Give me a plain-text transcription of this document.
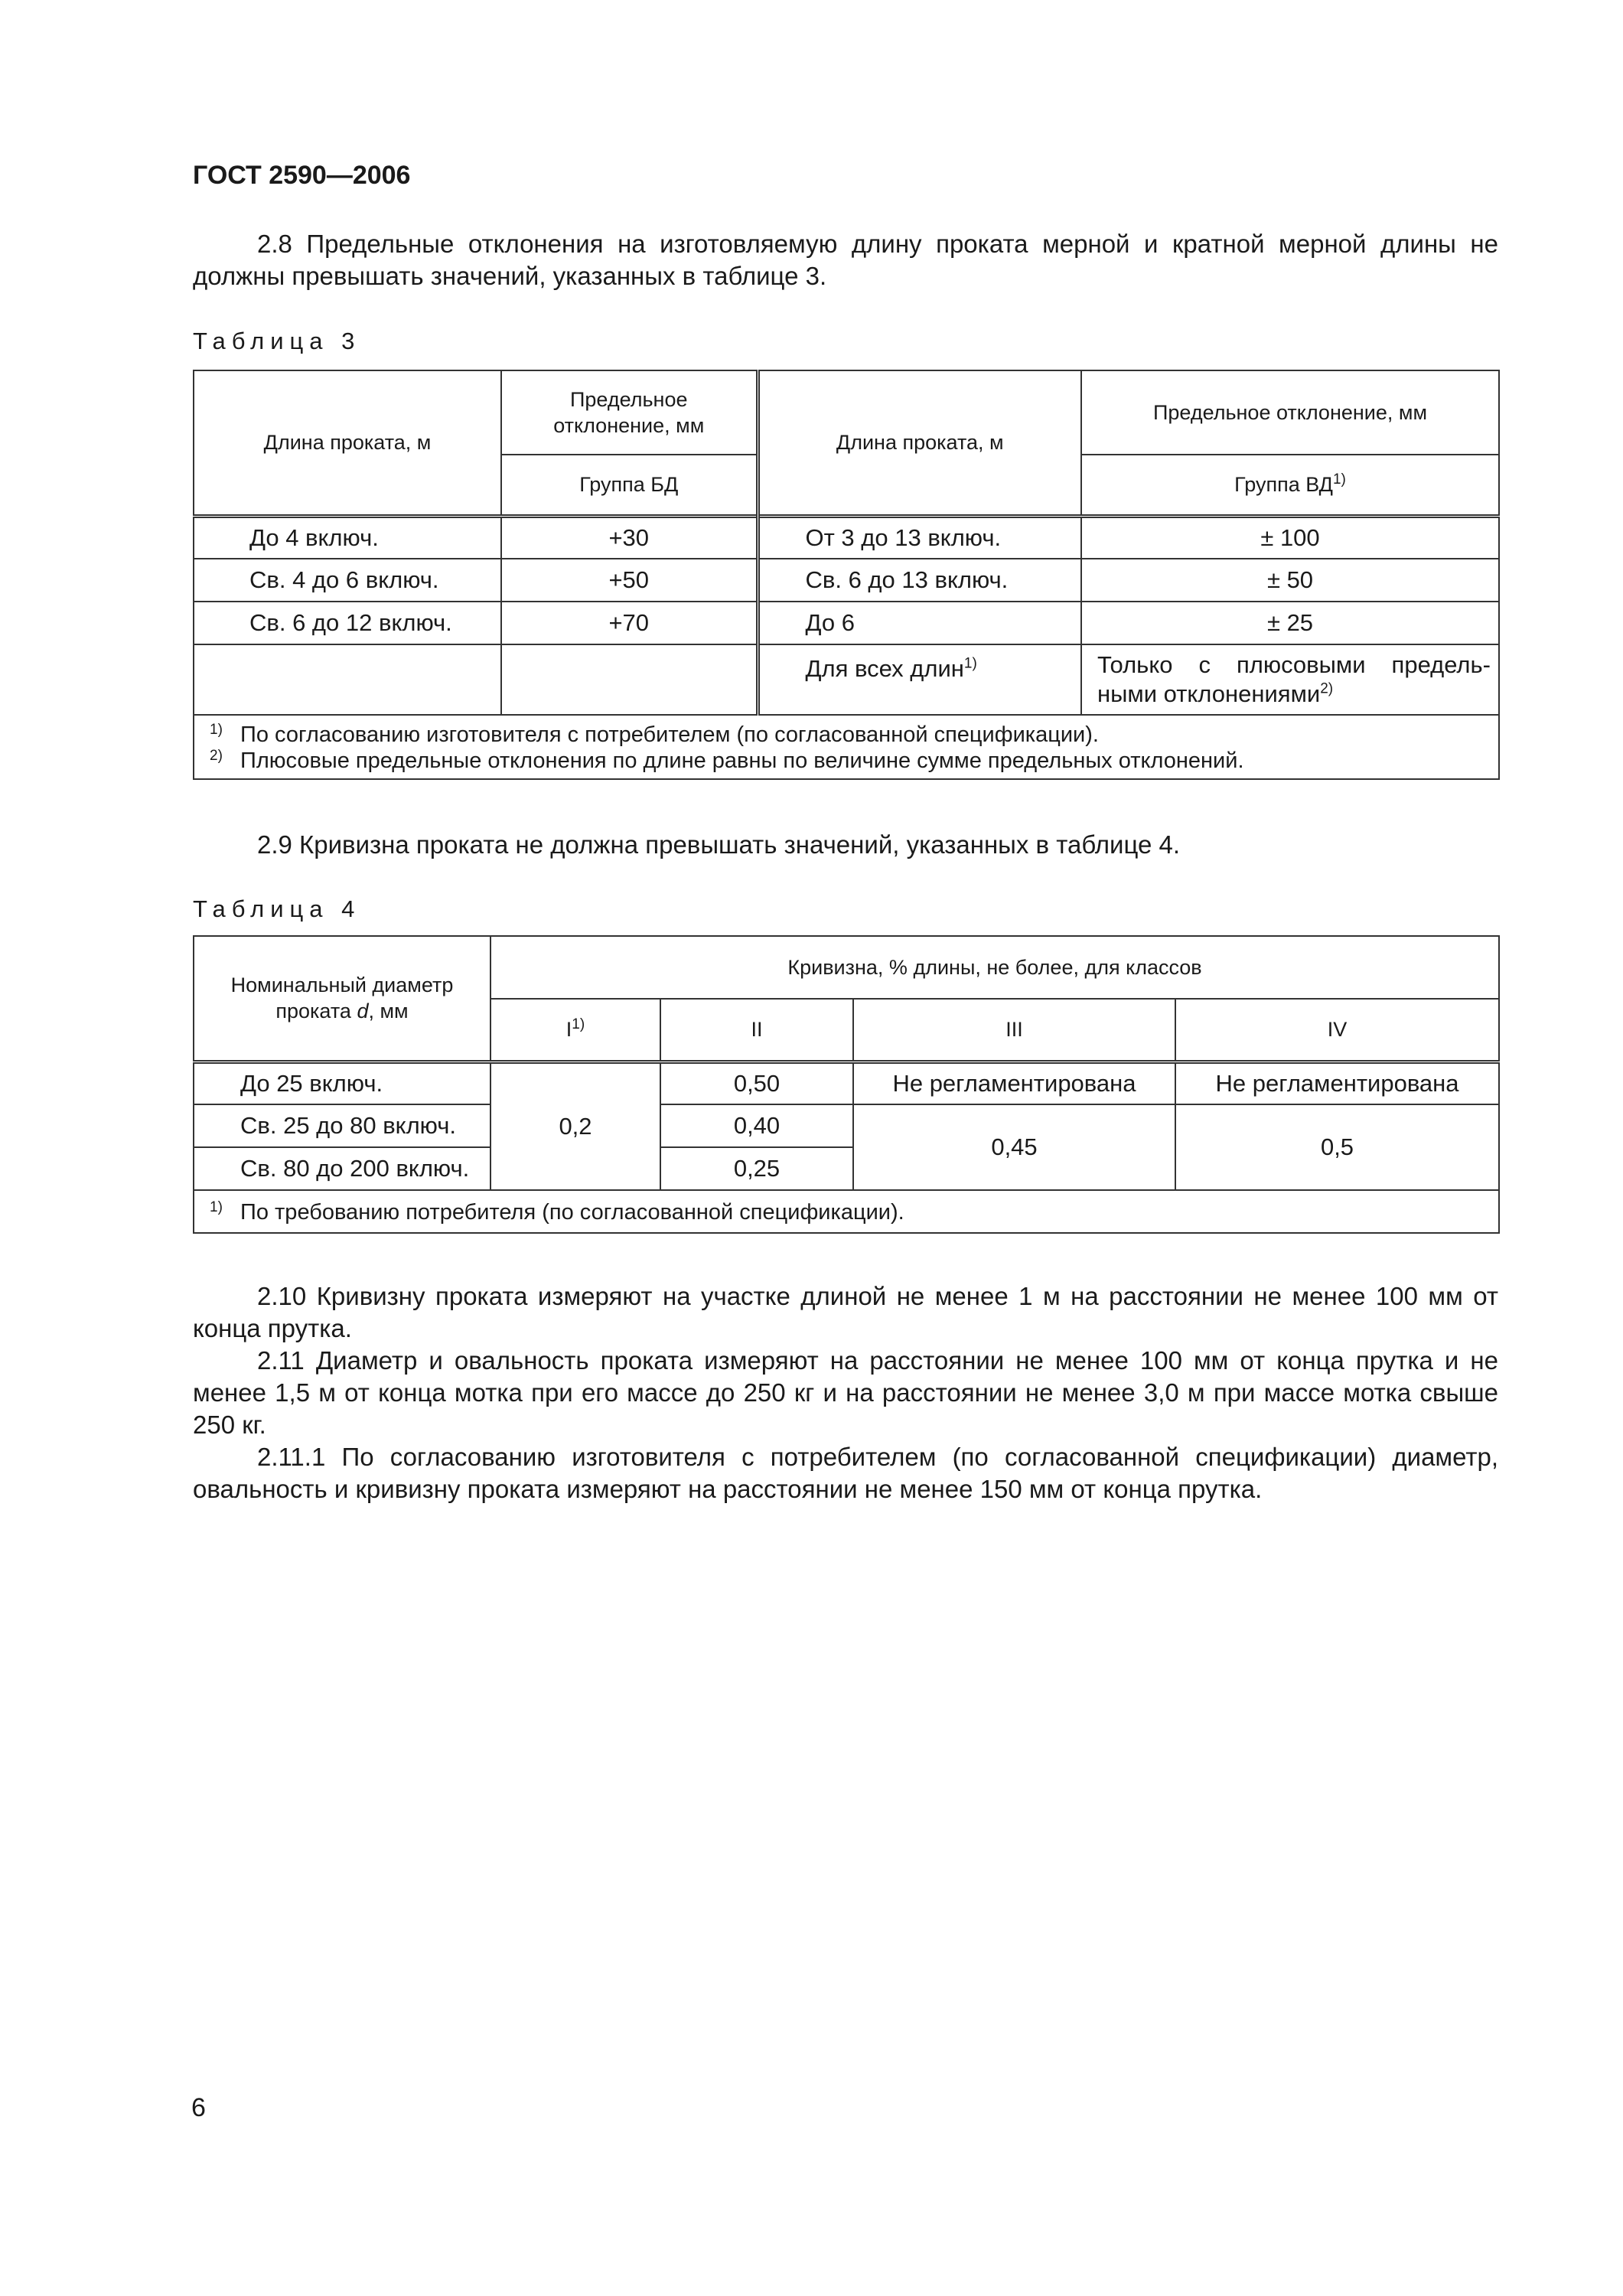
ГОСТ 2590—2006
2.8 Предельные отклонения на изготовляемую длину проката мерной и кратной мерной длины не должны превышать значений, указанных в таблице 3.
Таблица 3
Длина проката, м	Предельное отклонение, мм	Длина проката, м	Предельное отклонение, мм
	Группа БД		Группа ВД$^{1)}$
До 4 включ.	+30	От 3 до 13 включ.	± 100
Св. 4 до 6 включ.	+50	Св. 6 до 13 включ.	± 50
Св. 6 до 12 включ.	+70	До 6	± 25
		Для всех длин$^{1)}$	Только с плюсовыми предель-ными отклонениями$^{2)}$

1) По согласованию изготовителя с потребителем (по согласованной спецификации).
2) Плюсовые предельные отклонения по длине равны по величине сумме предельных отклонений.			
2.9 Кривизна проката не должна превышать значений, указанных в таблице 4.
Таблица 4
Номинальный диаметр
проката d, мм	Кривизна, % длины, не более, для классов			
	$I^{1)}$	II	III	IV
До 25 включ.	0,2	0,50	Не регламентирована	Не регламентирована
Св. 25 до 80 включ.		0,40	0,45	0,5
Св. 80 до 200 включ.		0,25		

1) По требованию потребителя (по согласованной спецификации).				
2.10 Кривизну проката измеряют на участке длиной не менее 1 м на расстоянии не менее 100 мм от конца прутка.
2.11 Диаметр и овальность проката измеряют на расстоянии не менее 100 мм от конца прутка и не менее 1,5 м от конца мотка при его массе до 250 кг и на расстоянии не менее 3,0 м при массе мотка свыше 250 кг.
2.11.1 По согласованию изготовителя с потребителем (по согласованной спецификации) диаметр, овальность и кривизну проката измеряют на расстоянии не менее 150 мм от конца прутка.
6
